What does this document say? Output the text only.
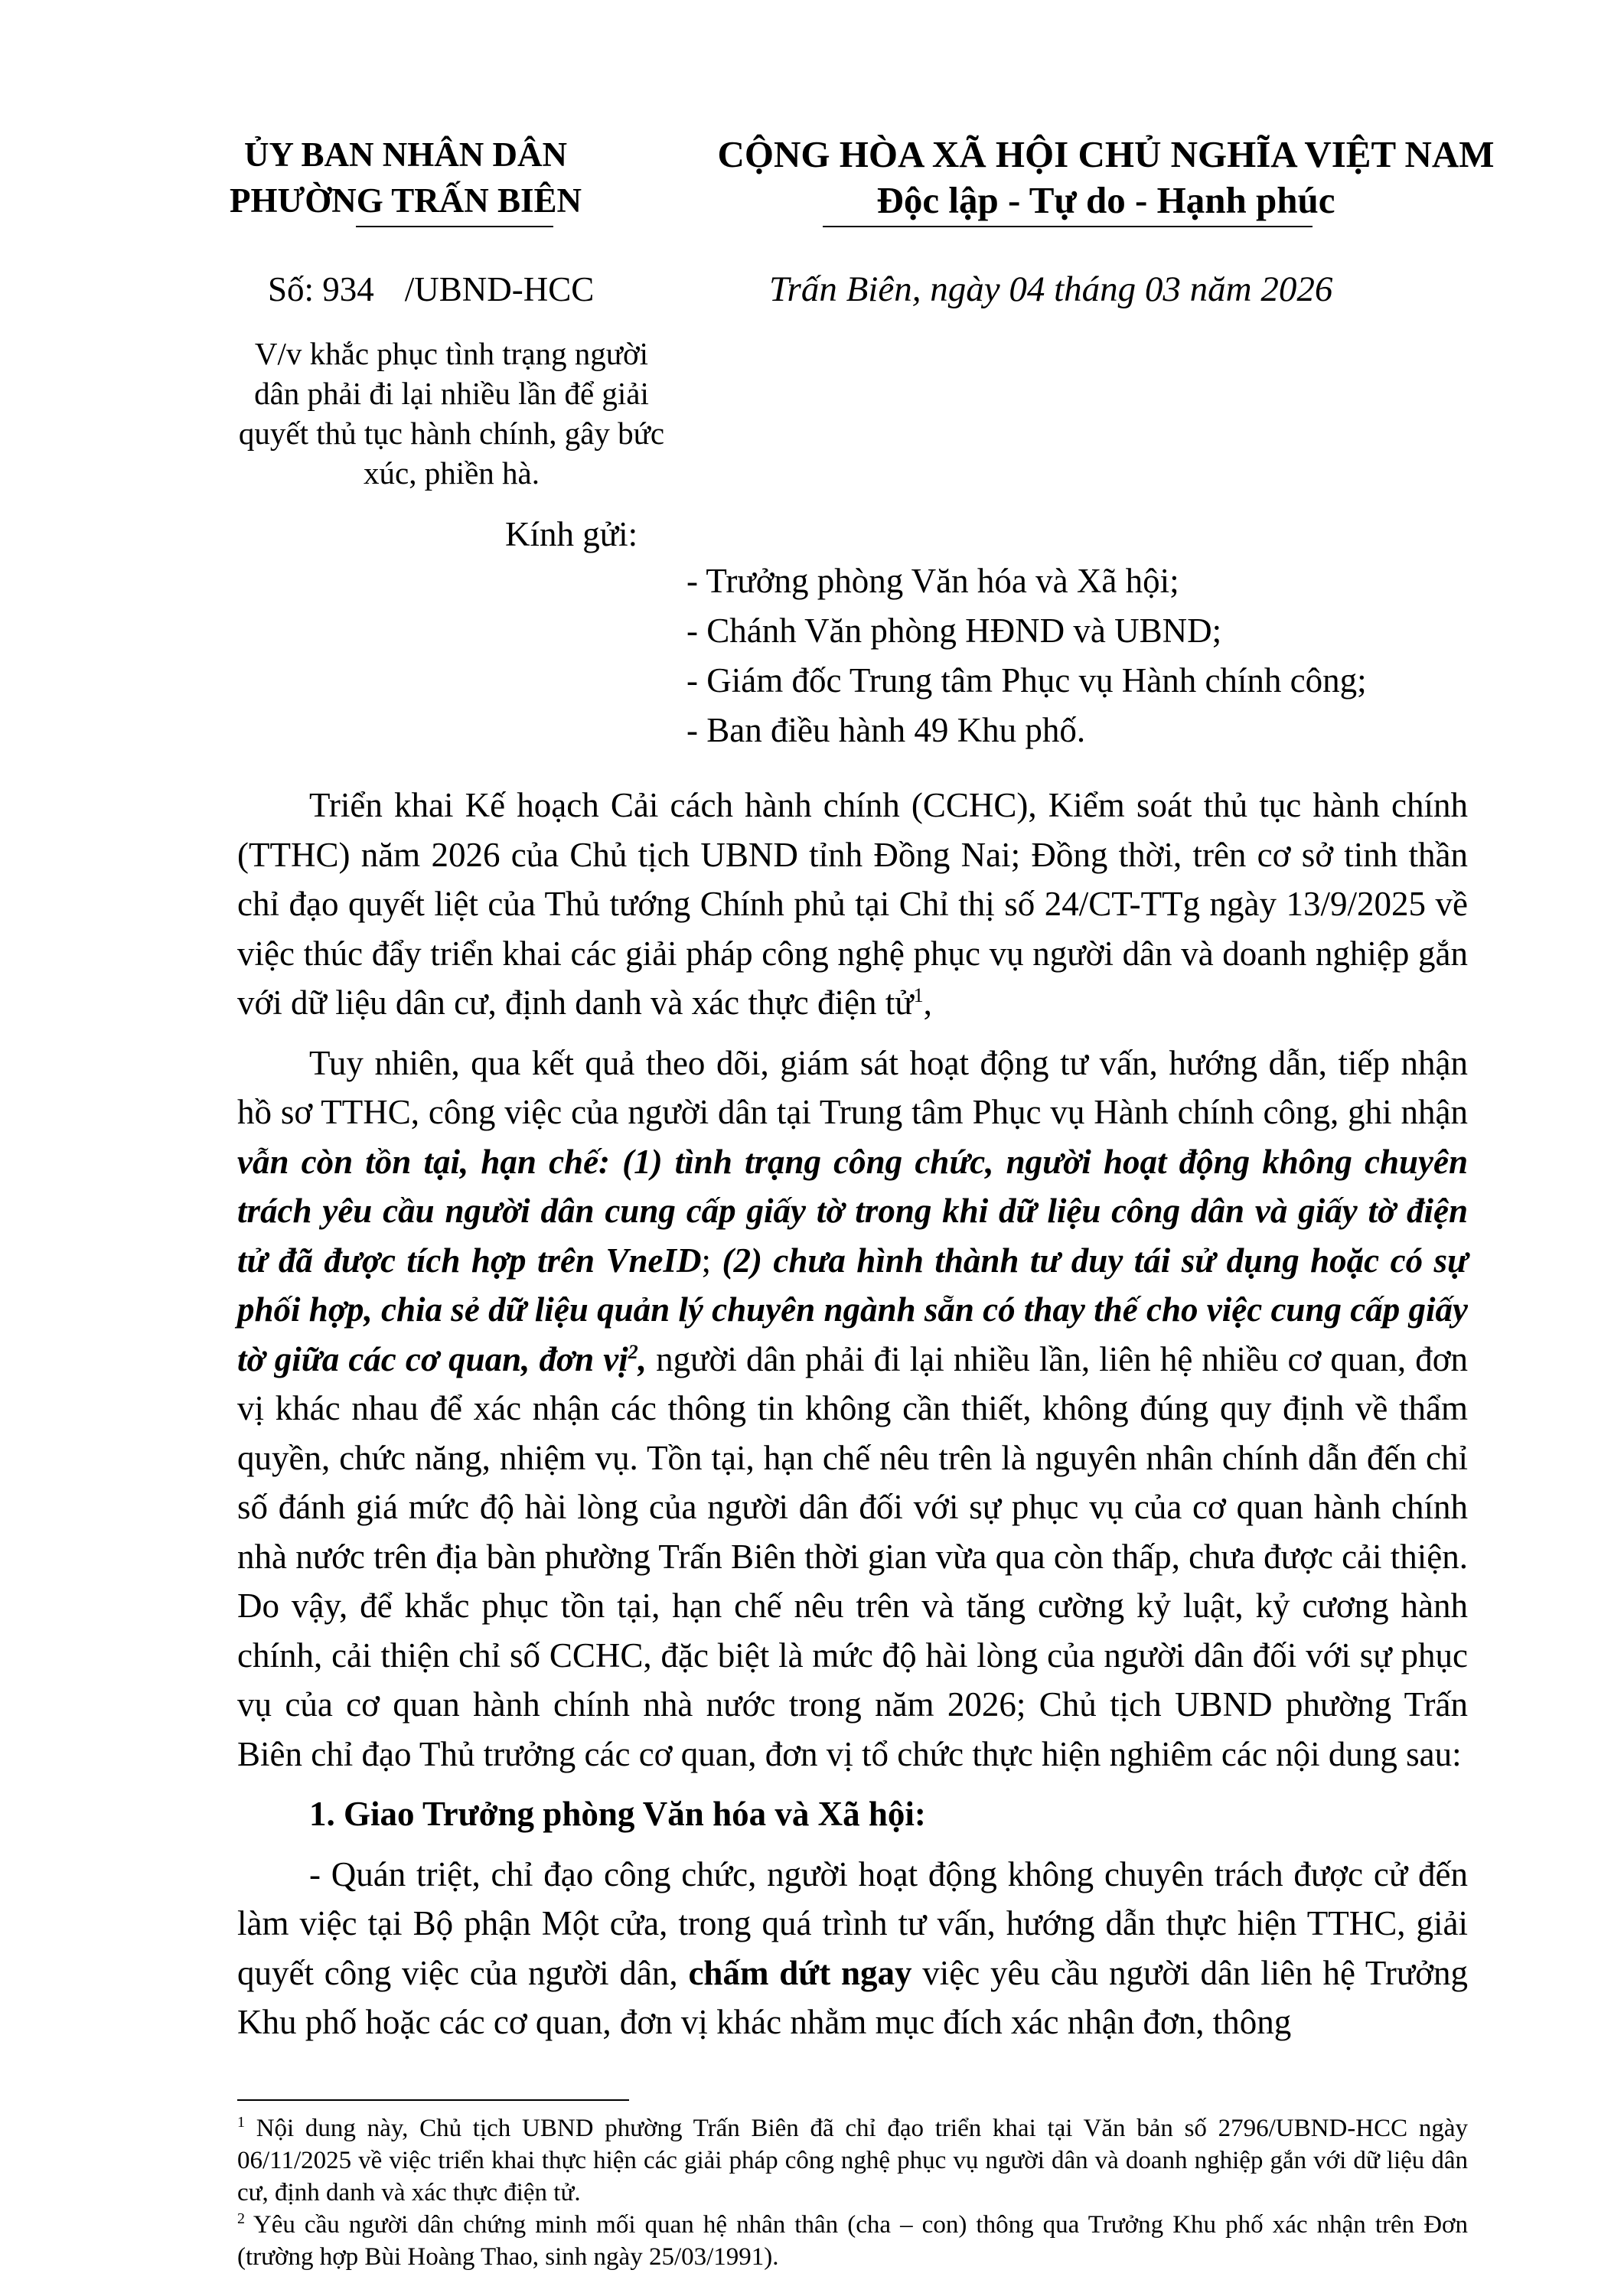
ỦY BAN NHÂN DÂN
PHƯỜNG TRẤN BIÊN
CỘNG HÒA XÃ HỘI CHỦ NGHĨA VIỆT NAM
Độc lập - Tự do - Hạnh phúc
Số: 934 /UBND-HCC	Trấn Biên, ngày 04 tháng 03 năm 2026
V/v khắc phục tình trạng người dân phải đi lại nhiều lần để giải quyết thủ tục hành chính, gây bức xúc, phiền hà.
Kính gửi:
- Trưởng phòng Văn hóa và Xã hội;
- Chánh Văn phòng HĐND và UBND;
- Giám đốc Trung tâm Phục vụ Hành chính công;
- Ban điều hành 49 Khu phố.

Triển khai Kế hoạch Cải cách hành chính (CCHC), Kiểm soát thủ tục hành chính (TTHC) năm 2026 của Chủ tịch UBND tỉnh Đồng Nai; Đồng thời, trên cơ sở tinh thần chỉ đạo quyết liệt của Thủ tướng Chính phủ tại Chỉ thị số 24/CT-TTg ngày 13/9/2025 về việc thúc đẩy triển khai các giải pháp công nghệ phục vụ người dân và doanh nghiệp gắn với dữ liệu dân cư, định danh và xác thực điện tử$^1$,

Tuy nhiên, qua kết quả theo dõi, giám sát hoạt động tư vấn, hướng dẫn, tiếp nhận hồ sơ TTHC, công việc của người dân tại Trung tâm Phục vụ Hành chính công, ghi nhận vẫn còn tồn tại, hạn chế: (1) tình trạng công chức, người hoạt động không chuyên trách yêu cầu người dân cung cấp giấy tờ trong khi dữ liệu công dân và giấy tờ điện tử đã được tích hợp trên VneID; (2) chưa hình thành tư duy tái sử dụng hoặc có sự phối hợp, chia sẻ dữ liệu quản lý chuyên ngành sẵn có thay thế cho việc cung cấp giấy tờ giữa các cơ quan, đơn vị$^2$, người dân phải đi lại nhiều lần, liên hệ nhiều cơ quan, đơn vị khác nhau để xác nhận các thông tin không cần thiết, không đúng quy định về thẩm quyền, chức năng, nhiệm vụ. Tồn tại, hạn chế nêu trên là nguyên nhân chính dẫn đến chỉ số đánh giá mức độ hài lòng của người dân đối với sự phục vụ của cơ quan hành chính nhà nước trên địa bàn phường Trấn Biên thời gian vừa qua còn thấp, chưa được cải thiện. Do vậy, để khắc phục tồn tại, hạn chế nêu trên và tăng cường kỷ luật, kỷ cương hành chính, cải thiện chỉ số CCHC, đặc biệt là mức độ hài lòng của người dân đối với sự phục vụ của cơ quan hành chính nhà nước trong năm 2026; Chủ tịch UBND phường Trấn Biên chỉ đạo Thủ trưởng các cơ quan, đơn vị tổ chức thực hiện nghiêm các nội dung sau:

1. Giao Trưởng phòng Văn hóa và Xã hội:

- Quán triệt, chỉ đạo công chức, người hoạt động không chuyên trách được cử đến làm việc tại Bộ phận Một cửa, trong quá trình tư vấn, hướng dẫn thực hiện TTHC, giải quyết công việc của người dân, chấm dứt ngay việc yêu cầu người dân liên hệ Trưởng Khu phố hoặc các cơ quan, đơn vị khác nhằm mục đích xác nhận đơn, thông

$^1$ Nội dung này, Chủ tịch UBND phường Trấn Biên đã chỉ đạo triển khai tại Văn bản số 2796/UBND-HCC ngày 06/11/2025 về việc triển khai thực hiện các giải pháp công nghệ phục vụ người dân và doanh nghiệp gắn với dữ liệu dân cư, định danh và xác thực điện tử.
$^2$ Yêu cầu người dân chứng minh mối quan hệ nhân thân (cha – con) thông qua Trưởng Khu phố xác nhận trên Đơn (trường hợp Bùi Hoàng Thao, sinh ngày 25/03/1991).
